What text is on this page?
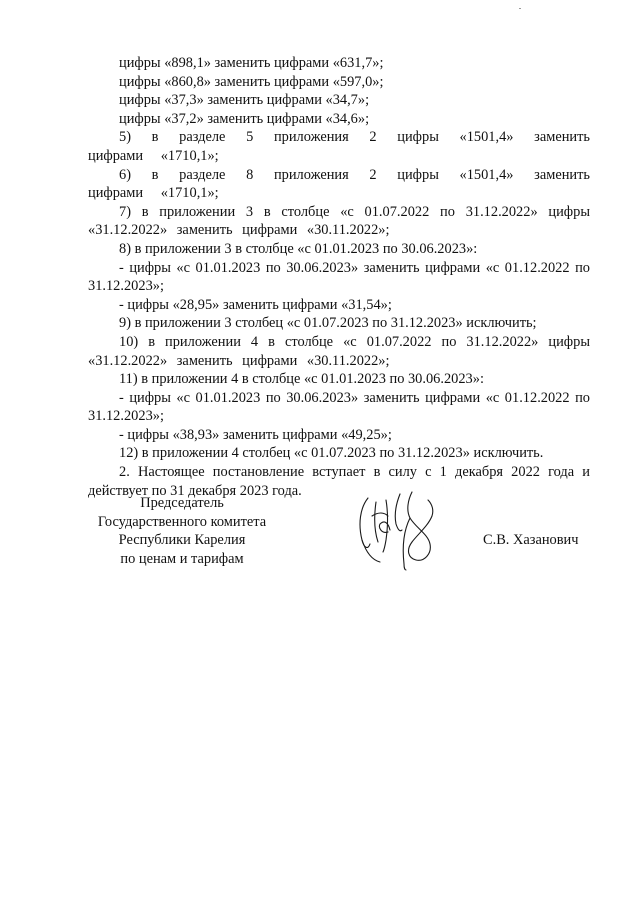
цифры «898,1» заменить цифрами «631,7»;

цифры «860,8» заменить цифрами «597,0»;

цифры «37,3» заменить цифрами «34,7»;

цифры «37,2» заменить цифрами «34,6»;

5) в разделе 5 приложения 2 цифры «1501,4» заменить цифрами «1710,1»;

6) в разделе 8 приложения 2 цифры «1501,4» заменить цифрами «1710,1»;

7) в приложении 3 в столбце «с 01.07.2022 по 31.12.2022» цифры «31.12.2022» заменить цифрами «30.11.2022»;

8) в приложении 3 в столбце «с 01.01.2023 по 30.06.2023»:

- цифры «с 01.01.2023 по 30.06.2023» заменить цифрами «с 01.12.2022 по 31.12.2023»;

- цифры «28,95» заменить цифрами «31,54»;

9) в приложении 3 столбец «с 01.07.2023 по 31.12.2023» исключить;

10) в приложении 4 в столбце «с 01.07.2022 по 31.12.2022» цифры «31.12.2022» заменить цифрами «30.11.2022»;

11) в приложении 4 в столбце «с 01.01.2023 по 30.06.2023»:

- цифры «с 01.01.2023 по 30.06.2023» заменить цифрами «с 01.12.2022 по 31.12.2023»;

- цифры «38,93» заменить цифрами «49,25»;

12) в приложении 4 столбец «с 01.07.2023 по 31.12.2023» исключить.

2. Настоящее постановление вступает в силу с 1 декабря 2022 года и действует по 31 декабря 2023 года.

Председатель
Государственного комитета
Республики Карелия
по ценам и тарифам
С.В. Хазанович
